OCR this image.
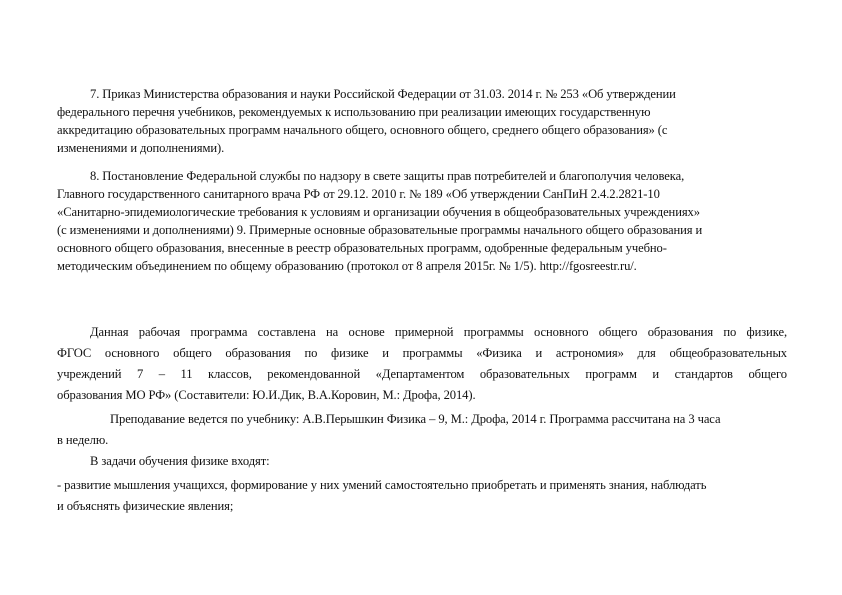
7. Приказ Министерства образования и науки Российской Федерации от 31.03. 2014 г. № 253 «Об утверждении
федерального перечня учебников, рекомендуемых к использованию при реализации имеющих государственную
аккредитацию образовательных программ начального общего, основного общего, среднего общего образования» (с
изменениями и дополнениями).
8. Постановление Федеральной службы по надзору в свете защиты прав потребителей и благополучия человека,
Главного государственного санитарного врача РФ от 29.12. 2010 г. № 189 «Об утверждении СанПиН 2.4.2.2821-10
«Санитарно-эпидемиологические требования к условиям и организации обучения в общеобразовательных учреждениях»
(с изменениями и дополнениями) 9. Примерные основные образовательные программы начального общего образования и
основного общего образования, внесенные в реестр образовательных программ, одобренные федеральным учебно-
методическим объединением по общему образованию (протокол от 8 апреля 2015г. № 1/5). http://fgosreestr.ru/.
Данная рабочая программа составлена на основе примерной программы основного общего образования по физике,
ФГОС основного общего образования по физике и программы «Физика и астрономия» для общеобразовательных
учреждений 7 – 11 классов, рекомендованной «Департаментом образовательных программ и стандартов общего
образования МО РФ» (Составители: Ю.И.Дик, В.А.Коровин, М.: Дрофа, 2014).
Преподавание ведется по учебнику: А.В.Перышкин Физика – 9, М.: Дрофа, 2014 г. Программа рассчитана на 3 часа
в неделю.
В задачи обучения физике входят:
- развитие мышления учащихся, формирование у них умений самостоятельно приобретать и применять знания, наблюдать
и объяснять физические явления;
